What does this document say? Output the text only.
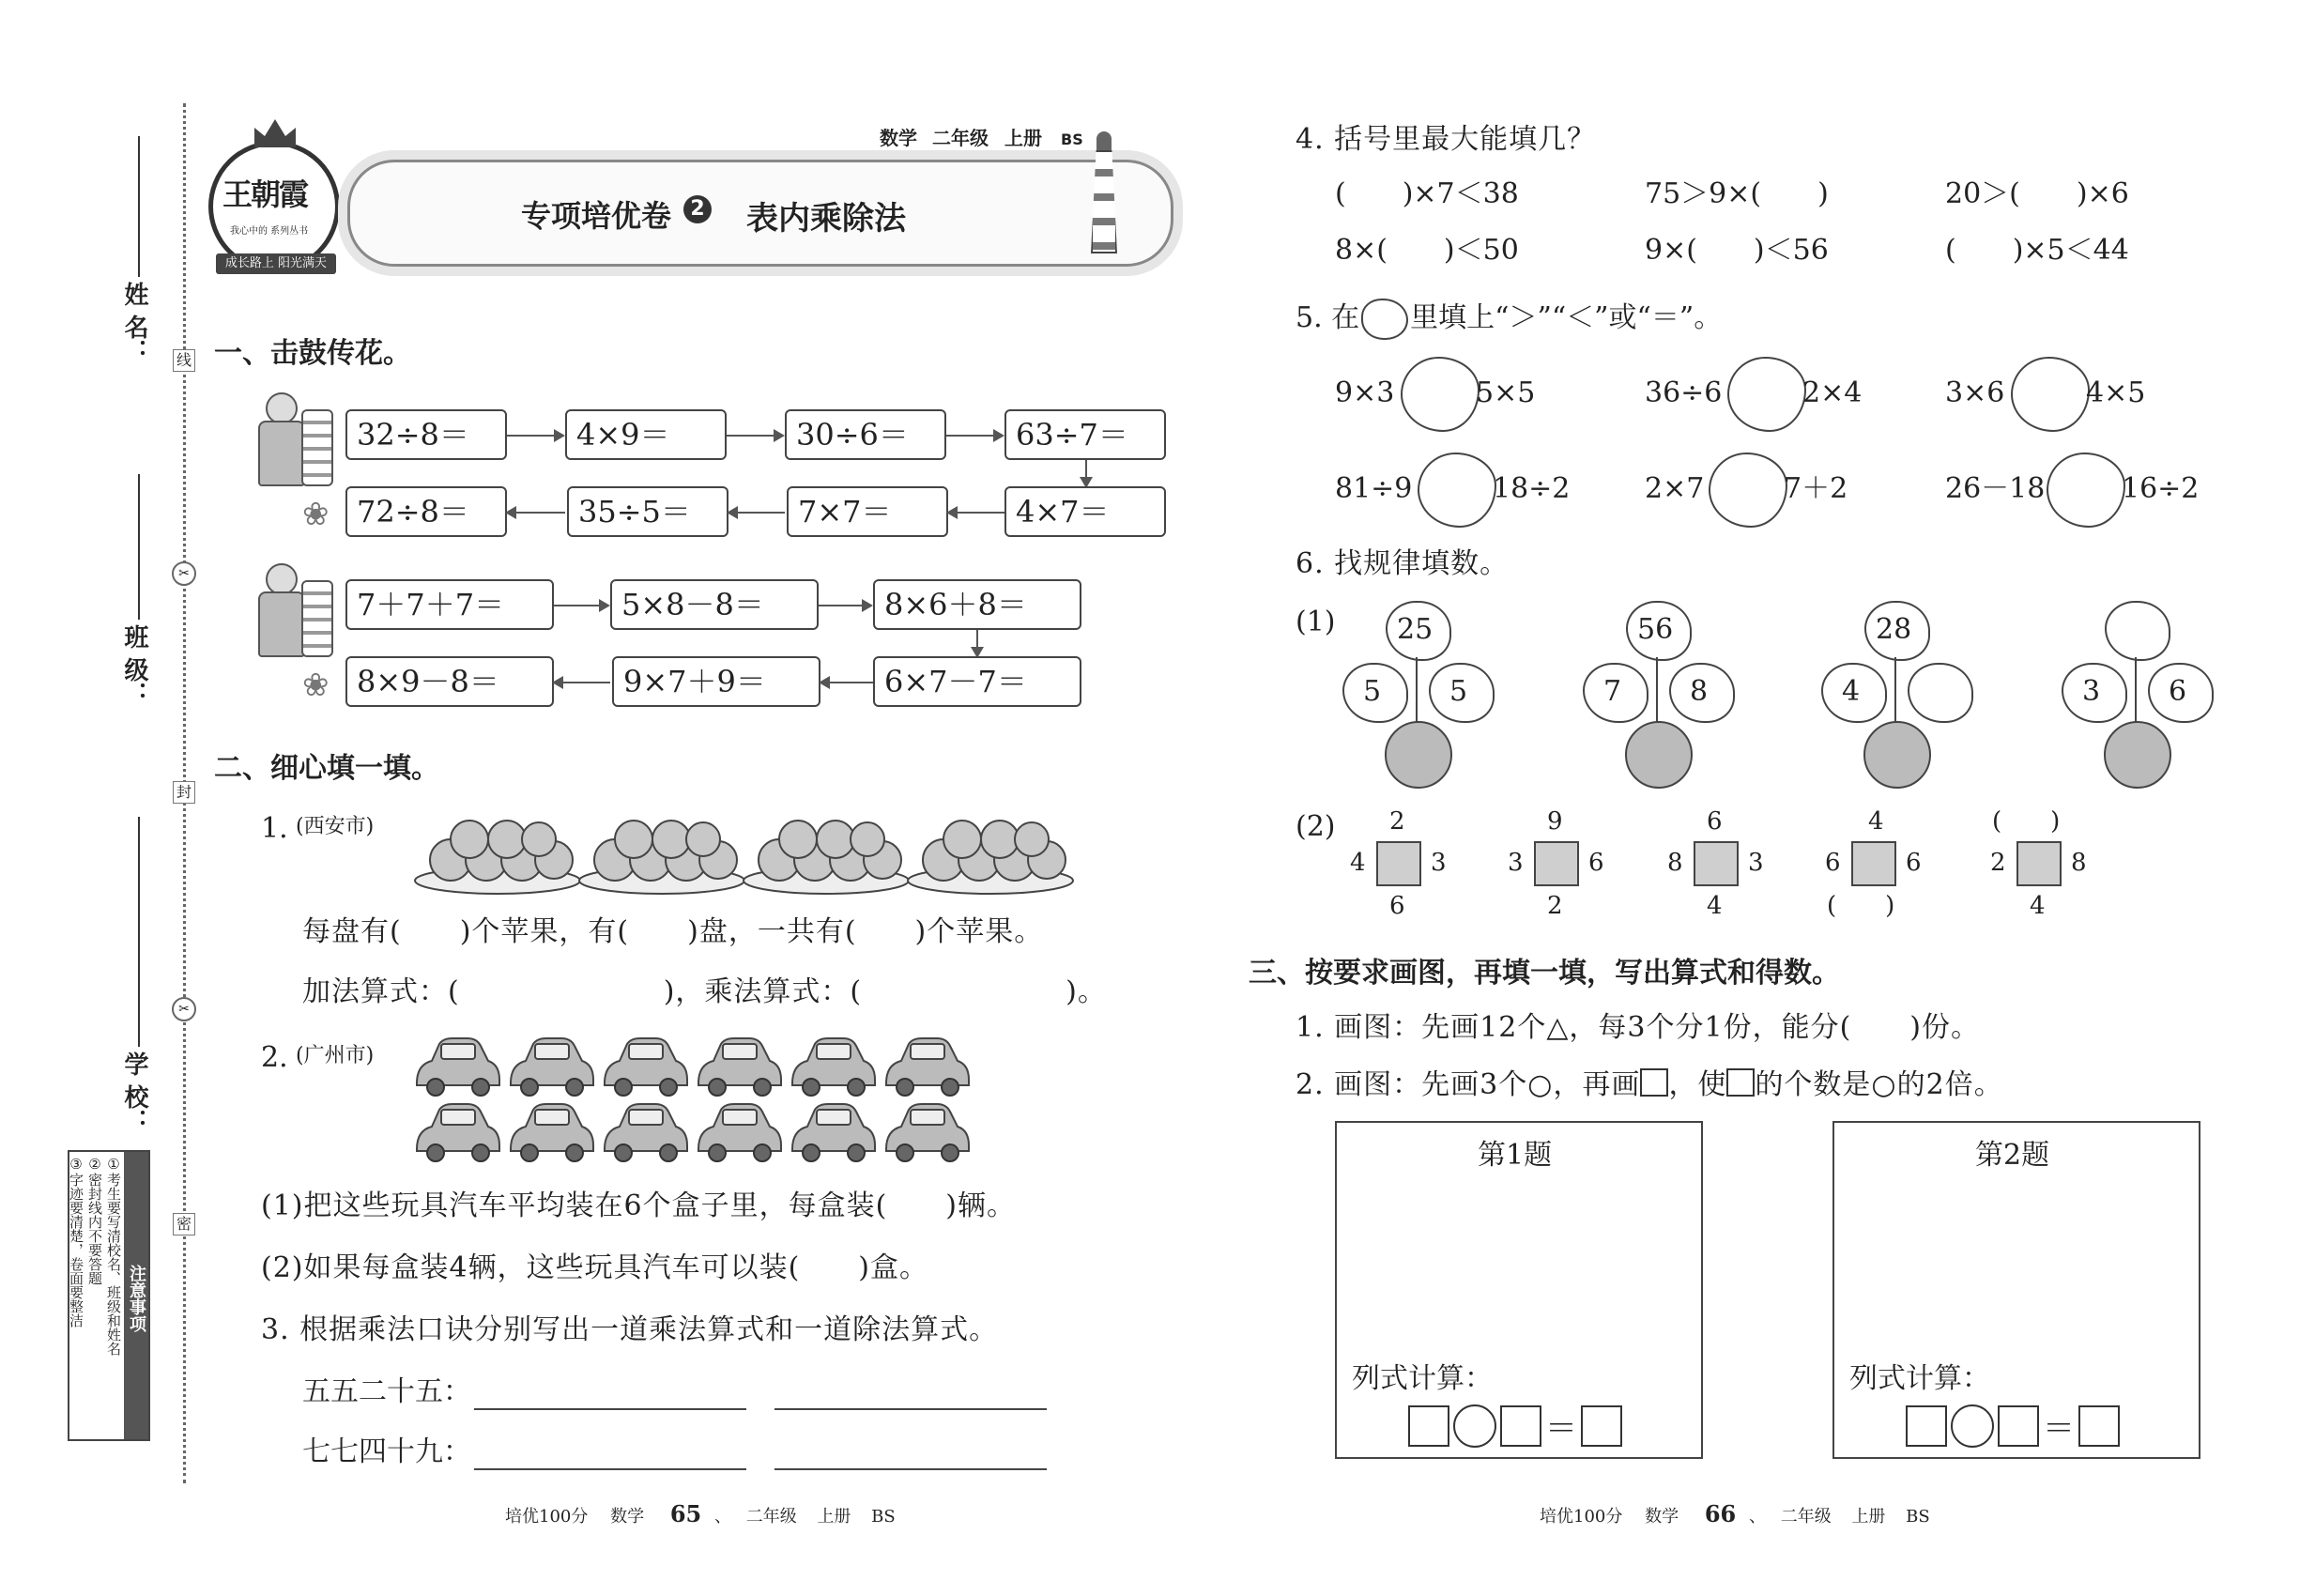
姓 名：
班 级：
学 校：
线
✂
封
✂
密
注意事项
①考生要写清校名、班级和姓名
②密封线内不要答题
③字迹要清楚，卷面要整洁
王朝霞
我心中的 系列丛书
成长路上 阳光满天
数学 二年级 上册 BS
专项培优卷 2 表内乘除法
一、击鼓传花。
32÷8＝	4×9＝	30÷6＝	63÷7＝
❀ 72÷8＝	35÷5＝	7×7＝	4×7＝
7＋7＋7＝	5×8－8＝	8×6＋8＝
❀ 8×9－8＝	9×7＋9＝	6×7－7＝
二、细心填一填。
1. (西安市)
每盘有(　　)个苹果，有(　　)盘，一共有(　　)个苹果。
加法算式：(　　　　　　　)，乘法算式：(　　　　　　　)。
2. (广州市)
(1)把这些玩具汽车平均装在6个盒子里，每盒装(　　)辆。
(2)如果每盒装4辆，这些玩具汽车可以装(　　)盒。
3. 根据乘法口诀分别写出一道乘法算式和一道除法算式。
五五二十五：
七七四十九：
4. 括号里最大能填几？
(　　)×7＜38	75＞9×(　　)	20＞(　　)×6
8×(　　)＜50	9×(　　)＜56	(　　)×5＜44
5. 在 里填上“＞”“＜”或“＝”。
9×3	5×5	36÷6	2×4	3×6	4×5
81÷9	18÷2	2×7	7＋2	26－18	16÷2
6. 找规律填数。
(1) 25
5 5
56
7 8
28
4	3 6
(2) 2
4	3
6
9
3	6
2
6
8	3
4
4
6	6
(　　)
(　　)
2	8
4
三、按要求画图，再填一填，写出算式和得数。
1. 画图：先画12个△，每3个分1份，能分(　　)份。
2. 画图：先画3个○，再画 ，使 的个数是○的2倍。
第1题
列式计算：
＝
第2题
列式计算：
＝
培优100分 数学 65 、 二年级 上册 BS	培优100分 数学 66 、 二年级 上册 BS
